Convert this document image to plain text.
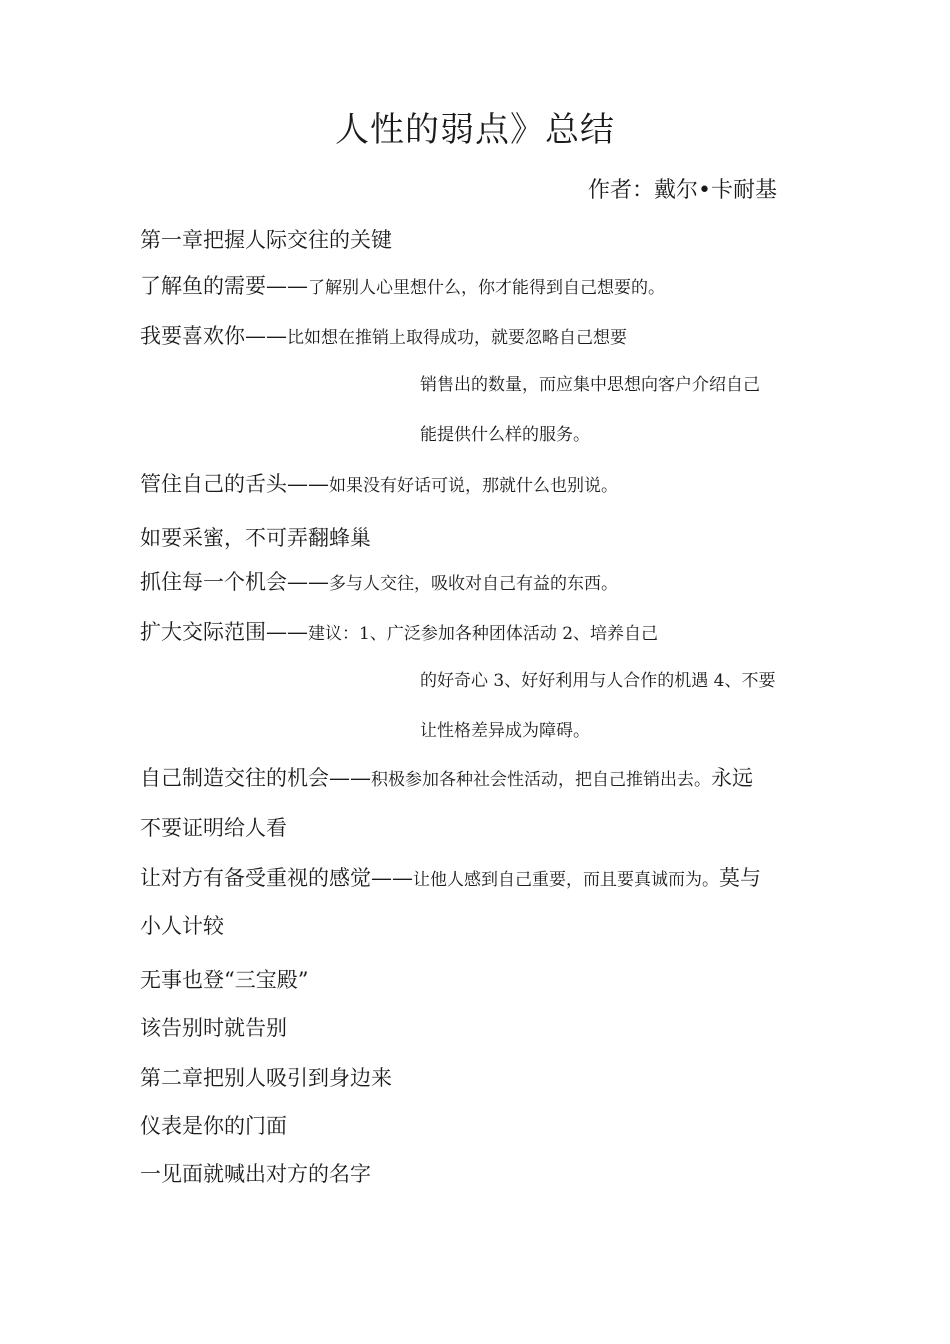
人性的弱点》总结
作者：戴尔•卡耐基
第一章把握人际交往的关键
了解鱼的需要——了解别人心里想什么，你才能得到自己想要的。
我要喜欢你——比如想在推销上取得成功，就要忽略自己想要
销售出的数量，而应集中思想向客户介绍自己
能提供什么样的服务。
管住自己的舌头——如果没有好话可说，那就什么也别说。
如要采蜜，不可弄翻蜂巢
抓住每一个机会——多与人交往，吸收对自己有益的东西。
扩大交际范围——建议：1、广泛参加各种团体活动 2、培养自己
的好奇心 3、好好利用与人合作的机遇 4、不要
让性格差异成为障碍。
自己制造交往的机会——积极参加各种社会性活动，把自己推销出去。永远
不要证明给人看
让对方有备受重视的感觉——让他人感到自己重要，而且要真诚而为。莫与
小人计较
无事也登“三宝殿”
该告别时就告别
第二章把别人吸引到身边来
仪表是你的门面
一见面就喊出对方的名字
